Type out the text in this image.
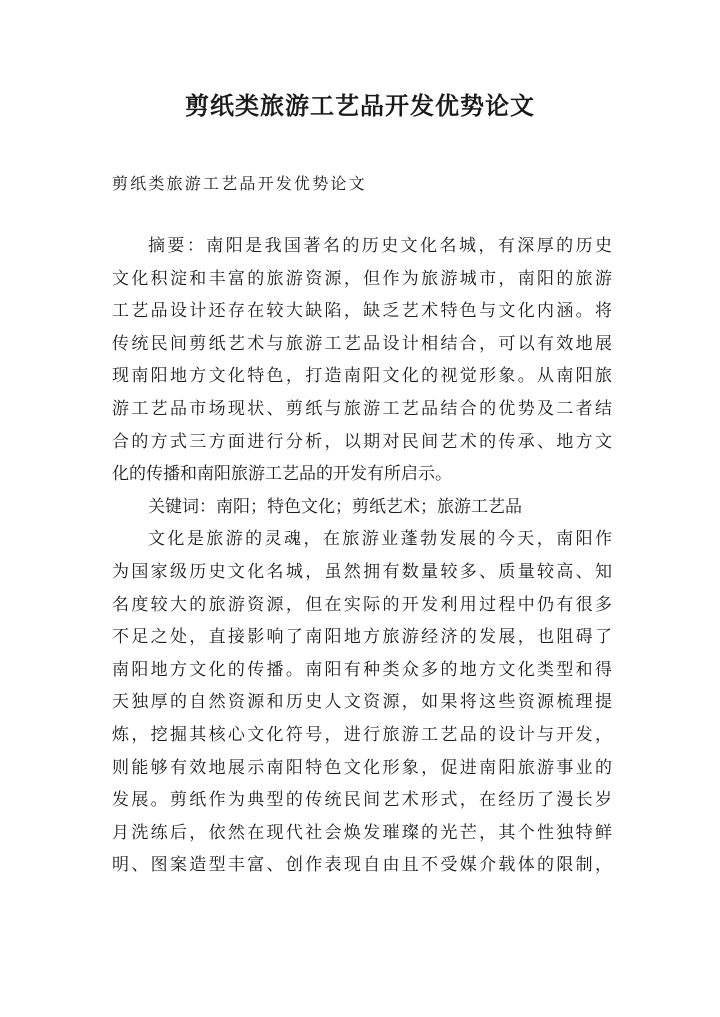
剪纸类旅游工艺品开发优势论文

剪纸类旅游工艺品开发优势论文

摘要：南阳是我国著名的历史文化名城，有深厚的历史
文化积淀和丰富的旅游资源，但作为旅游城市，南阳的旅游
工艺品设计还存在较大缺陷，缺乏艺术特色与文化内涵。将
传统民间剪纸艺术与旅游工艺品设计相结合，可以有效地展
现南阳地方文化特色，打造南阳文化的视觉形象。从南阳旅
游工艺品市场现状、剪纸与旅游工艺品结合的优势及二者结
合的方式三方面进行分析，以期对民间艺术的传承、地方文
化的传播和南阳旅游工艺品的开发有所启示。
关键词：南阳；特色文化；剪纸艺术；旅游工艺品
文化是旅游的灵魂，在旅游业蓬勃发展的今天，南阳作
为国家级历史文化名城，虽然拥有数量较多、质量较高、知
名度较大的旅游资源，但在实际的开发利用过程中仍有很多
不足之处，直接影响了南阳地方旅游经济的发展，也阻碍了
南阳地方文化的传播。南阳有种类众多的地方文化类型和得
天独厚的自然资源和历史人文资源，如果将这些资源梳理提
炼，挖掘其核心文化符号，进行旅游工艺品的设计与开发，
则能够有效地展示南阳特色文化形象，促进南阳旅游事业的
发展。剪纸作为典型的传统民间艺术形式，在经历了漫长岁
月洗练后，依然在现代社会焕发璀璨的光芒，其个性独特鲜
明、图案造型丰富、创作表现自由且不受媒介载体的限制，
